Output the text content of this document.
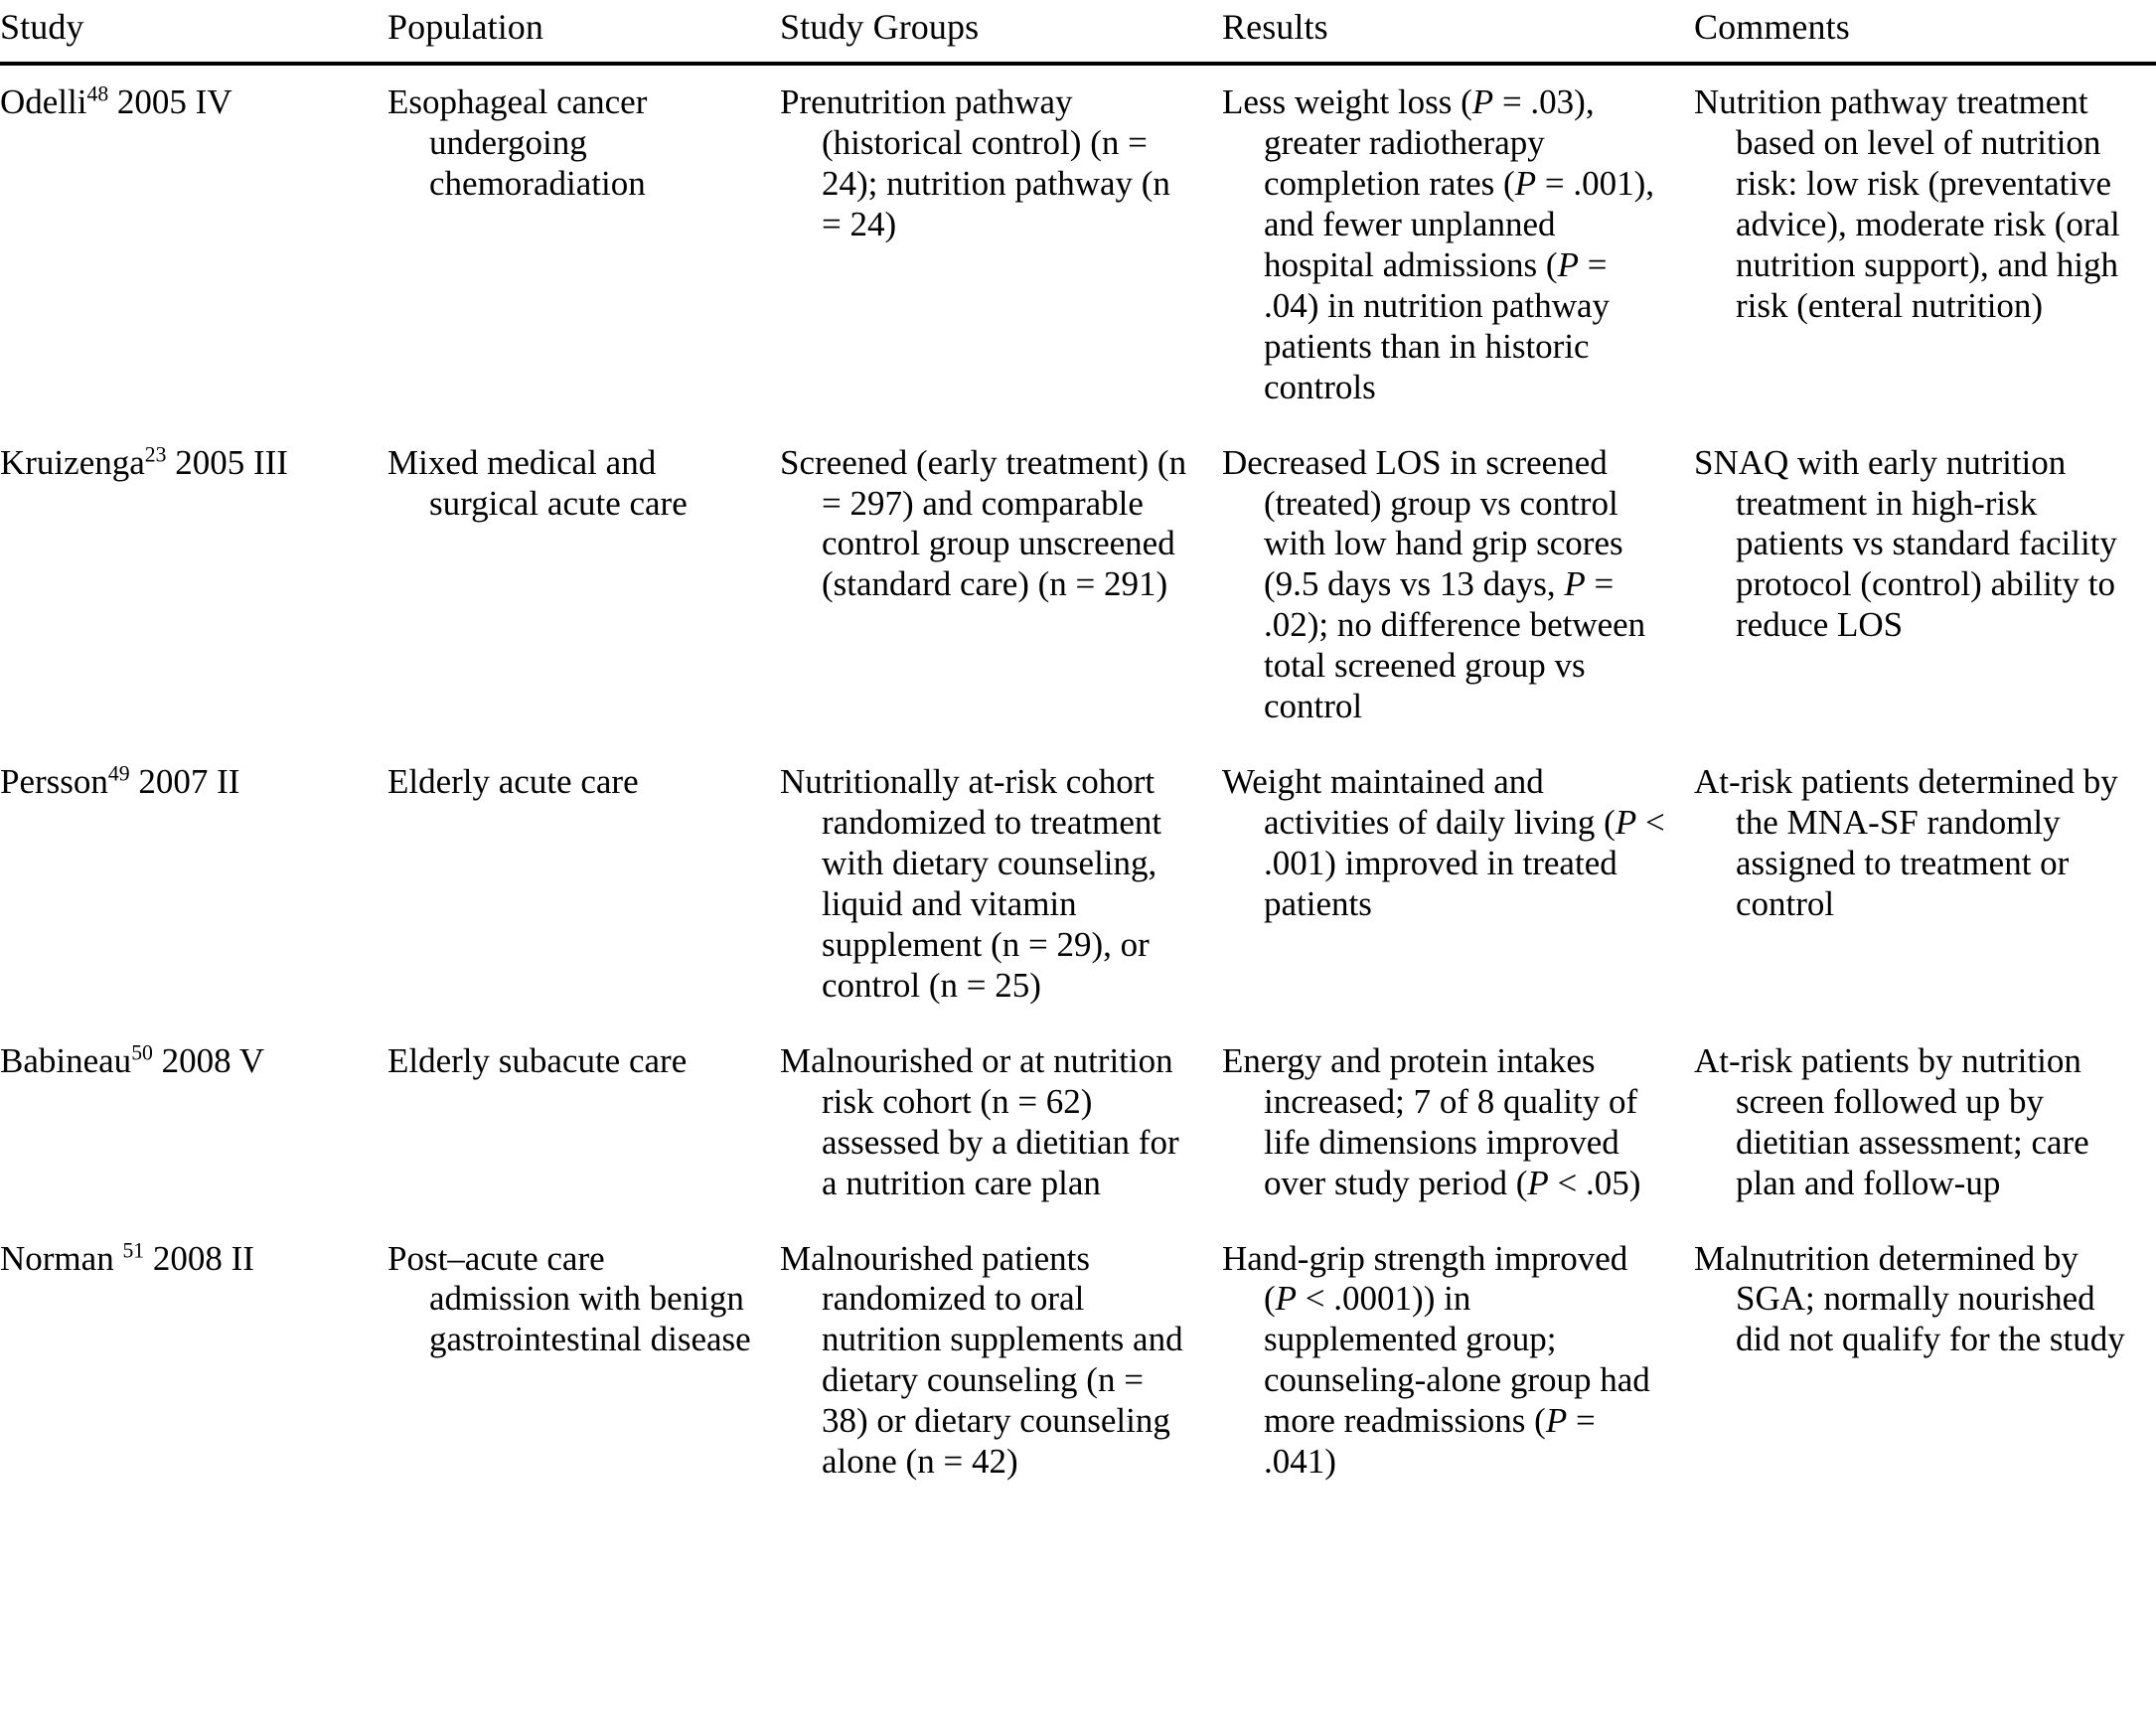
Study	Population	Study Groups	Results	Comments
Odelli$^{48}$ 2005 IV	Esophageal cancer undergoing chemoradiation	Prenutrition pathway (historical control) (n = 24); nutrition pathway (n = 24)	Less weight loss (P = .03), greater radiotherapy completion rates (P = .001), and fewer unplanned hospital admissions (P = .04) in nutrition pathway patients than in historic controls	Nutrition pathway treatment based on level of nutrition risk: low risk (preventative advice), moderate risk (oral nutrition support), and high risk (enteral nutrition)
Kruizenga$^{23}$ 2005 III	Mixed medical and surgical acute care	Screened (early treatment) (n = 297) and comparable control group unscreened (standard care) (n = 291)	Decreased LOS in screened (treated) group vs control with low hand grip scores (9.5 days vs 13 days, P = .02); no difference between total screened group vs control	SNAQ with early nutrition treatment in high-risk patients vs standard facility protocol (control) ability to reduce LOS
Persson$^{49}$ 2007 II	Elderly acute care	Nutritionally at-risk cohort randomized to treatment with dietary counseling, liquid and vitamin supplement (n = 29), or control (n = 25)	Weight maintained and activities of daily living (P < .001) improved in treated patients	At-risk patients determined by the MNA-SF randomly assigned to treatment or control
Babineau$^{50}$ 2008 V	Elderly subacute care	Malnourished or at nutrition risk cohort (n = 62) assessed by a dietitian for a nutrition care plan	Energy and protein intakes increased; 7 of 8 quality of life dimensions improved over study period (P < .05)	At-risk patients by nutrition screen followed up by dietitian assessment; care plan and follow-up
Norman $^{51}$ 2008 II	Post–acute care admission with benign gastrointestinal disease	Malnourished patients randomized to oral nutrition supplements and dietary counseling (n = 38) or dietary counseling alone (n = 42)	Hand-grip strength improved (P < .0001)) in supplemented group; counseling-alone group had more readmissions (P = .041)	Malnutrition determined by SGA; normally nourished did not qualify for the study
